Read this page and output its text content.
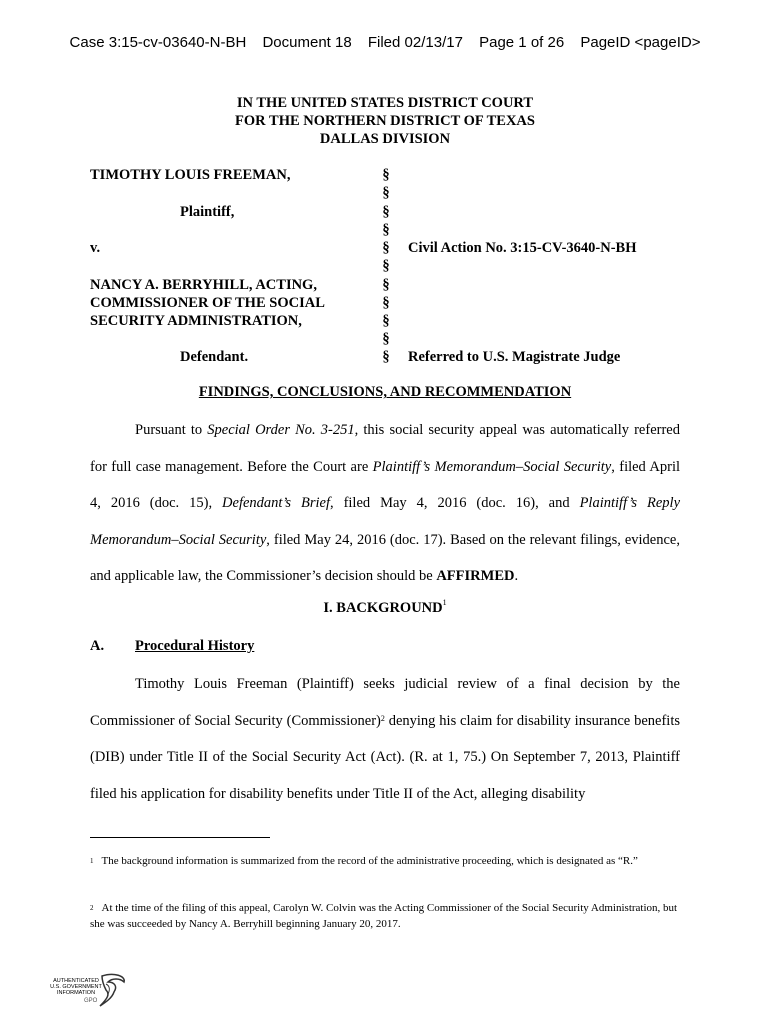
Case 3:15-cv-03640-N-BH Document 18 Filed 02/13/17 Page 1 of 26 PageID <pageID>
IN THE UNITED STATES DISTRICT COURT
FOR THE NORTHERN DISTRICT OF TEXAS
DALLAS DIVISION
TIMOTHY LOUIS FREEMAN,
Plaintiff,
v.
NANCY A. BERRYHILL, ACTING,
COMMISSIONER OF THE SOCIAL
SECURITY ADMINISTRATION,
Defendant.
§
§
§
§
§
§
§
§
§
§
§
Civil Action No. 3:15-CV-3640-N-BH
Referred to U.S. Magistrate Judge
FINDINGS, CONCLUSIONS, AND RECOMMENDATION

Pursuant to Special Order No. 3-251, this social security appeal was automatically referred for full case management. Before the Court are Plaintiff’s Memorandum–Social Security, filed April 4, 2016 (doc. 15), Defendant’s Brief, filed May 4, 2016 (doc. 16), and Plaintiff’s Reply Memorandum–Social Security, filed May 24, 2016 (doc. 17). Based on the relevant filings, evidence, and applicable law, the Commissioner’s decision should be AFFIRMED.

I. BACKGROUND$^1$
A. Procedural History

Timothy Louis Freeman (Plaintiff) seeks judicial review of a final decision by the Commissioner of Social Security (Commissioner)$^2$ denying his claim for disability insurance benefits (DIB) under Title II of the Social Security Act (Act). (R. at 1, 75.) On September 7, 2013, Plaintiff filed his application for disability benefits under Title II of the Act, alleging disability

$^1$ The background information is summarized from the record of the administrative proceeding, which is designated as “R.”
$^2$ At the time of the filing of this appeal, Carolyn W. Colvin was the Acting Commissioner of the Social Security Administration, but she was succeeded by Nancy A. Berryhill beginning January 20, 2017.
AUTHENTICATED
U.S. GOVERNMENT
INFORMATION
GPO
